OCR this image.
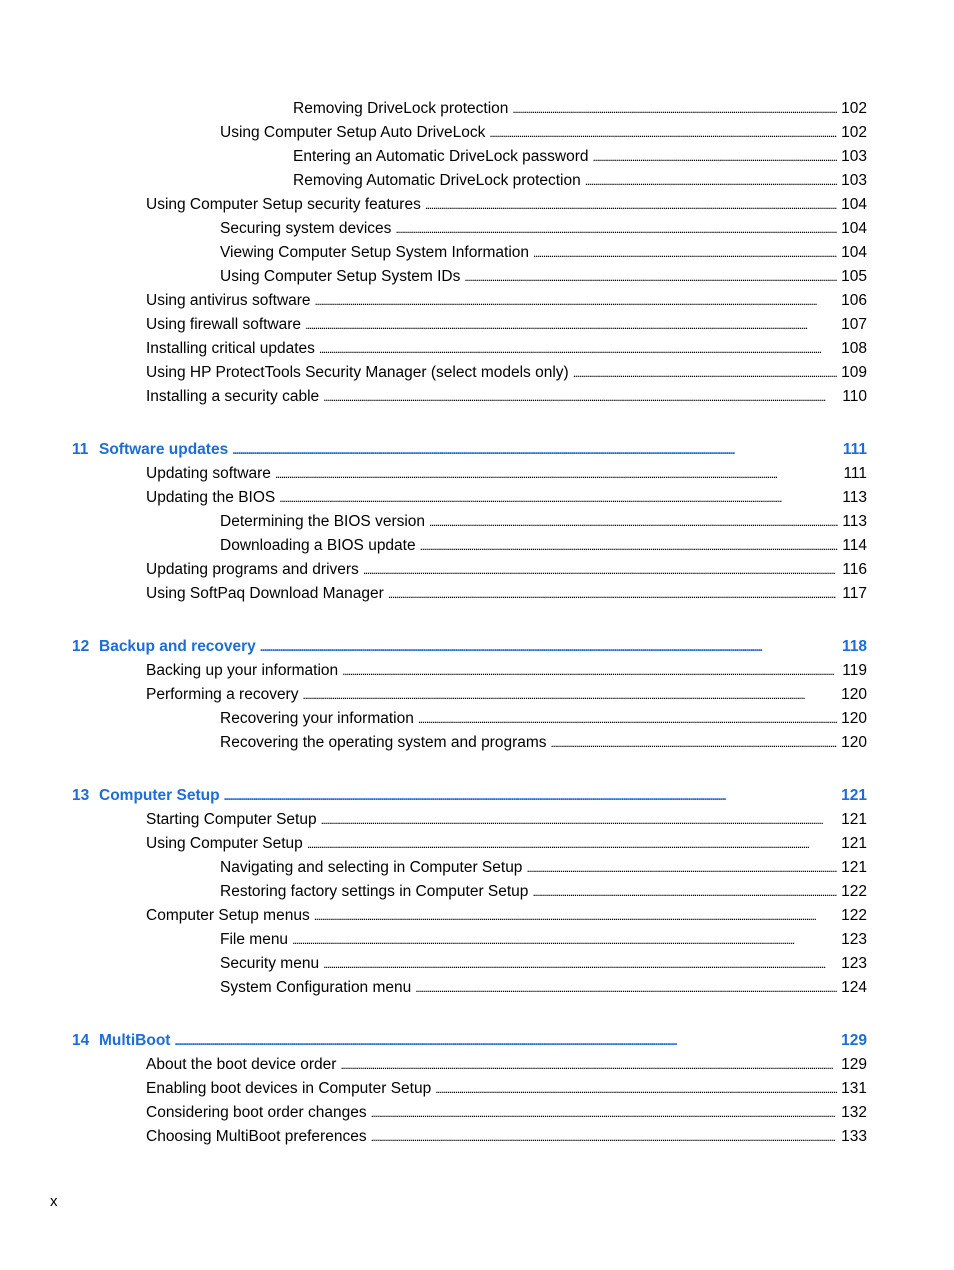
Removing DriveLock protection . . .	102
Using Computer Setup Auto DriveLock . . .	102
Entering an Automatic DriveLock password . . .	103
Removing Automatic DriveLock protection . . .	103
Using Computer Setup security features . . .	104
Securing system devices . . .	104
Viewing Computer Setup System Information . . .	104
Using Computer Setup System IDs . . .	105
Using antivirus software . . .	106
Using firewall software . . .	107
Installing critical updates . . .	108
Using HP ProtectTools Security Manager (select models only) . . .	109
Installing a security cable . . .	110
11 Software updates . . .	111
Updating software . . .	111
Updating the BIOS . . .	113
Determining the BIOS version . . .	113
Downloading a BIOS update . . .	114
Updating programs and drivers . . .	116
Using SoftPaq Download Manager . . .	117
12 Backup and recovery . . .	118
Backing up your information . . .	119
Performing a recovery . . .	120
Recovering your information . . .	120
Recovering the operating system and programs . . .	120
13 Computer Setup . . .	121
Starting Computer Setup . . .	121
Using Computer Setup . . .	121
Navigating and selecting in Computer Setup . . .	121
Restoring factory settings in Computer Setup . . .	122
Computer Setup menus . . .	122
File menu . . .	123
Security menu . . .	123
System Configuration menu . . .	124
14 MultiBoot . . .	129
About the boot device order . . .	129
Enabling boot devices in Computer Setup . . .	131
Considering boot order changes . . .	132
Choosing MultiBoot preferences . . .	133
x
